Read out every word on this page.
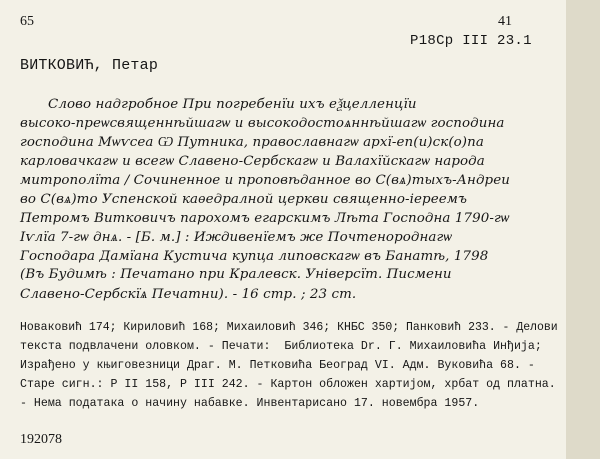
65	41
P18Cp III 23.1
ВИТКОВИЋ, Петар
Слово надгробное При погребенїи ихъ еѯцелленцїи
высоко-преѡсвященнѣйшагѡ и высокодостоѧннѣйшагѡ господина
господина Мѡѵсеа Ѡ Путника, православнагѡ архї-еп(и)ск(о)па
карловачкагѡ и всегѡ Славено-Сербскагѡ и Валахїйскагѡ народа
митрополїта / Сочиненное и проповѣданное во С(вѧ)тыхъ-Андреи
во С(вѧ)то Успенской каѳедралной церкви священно-іереемъ
Петромъ Витковичъ парохомъ егарскимъ Лѣта Господна 1790-гѡ
Іѵлїа 7-гѡ днѧ. - [Б. м.] : Иждивенїемъ же Почтенороднагѡ
Господара Дамїана Кустича купца липовскагѡ въ Банатѣ, 1798
(Въ Будимѣ : Печатано при Кралевск. Універсїт. Писмени
Славено-Сербскїѧ Печатни). - 16 стр. ; 23 cm.
Новаковић 174; Кириловић 168; Михаиловић 346; КНБС 350; Панковић 233. - Делови
текста подвлачени оловком. - Печати:  Библиотека Dr. Г. Михаиловића Инђија;
Израђено у књиговезници Драг. М. Петковића Београд VI. Адм. Вуковића 68. -
Старе сигн.: P II 158, P III 242. - Картон обложен хартијом, хрбат од платна.
- Нема података о начину набавке. Инвентарисано 17. новембра 1957.
192078
